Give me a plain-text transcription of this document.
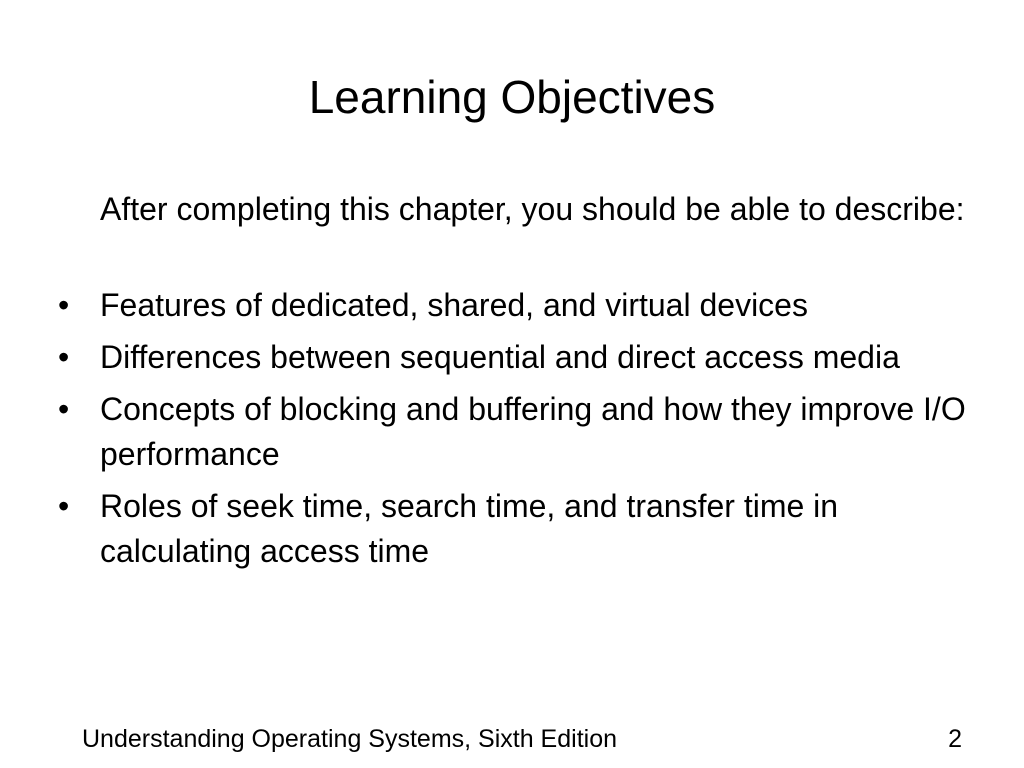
Learning Objectives

After completing this chapter, you should be able to describe:

• Features of dedicated, shared, and virtual devices
• Differences between sequential and direct access media
• Concepts of blocking and buffering and how they improve I/O performance
• Roles of seek time, search time, and transfer time in calculating access time
Understanding Operating Systems, Sixth Edition	2
